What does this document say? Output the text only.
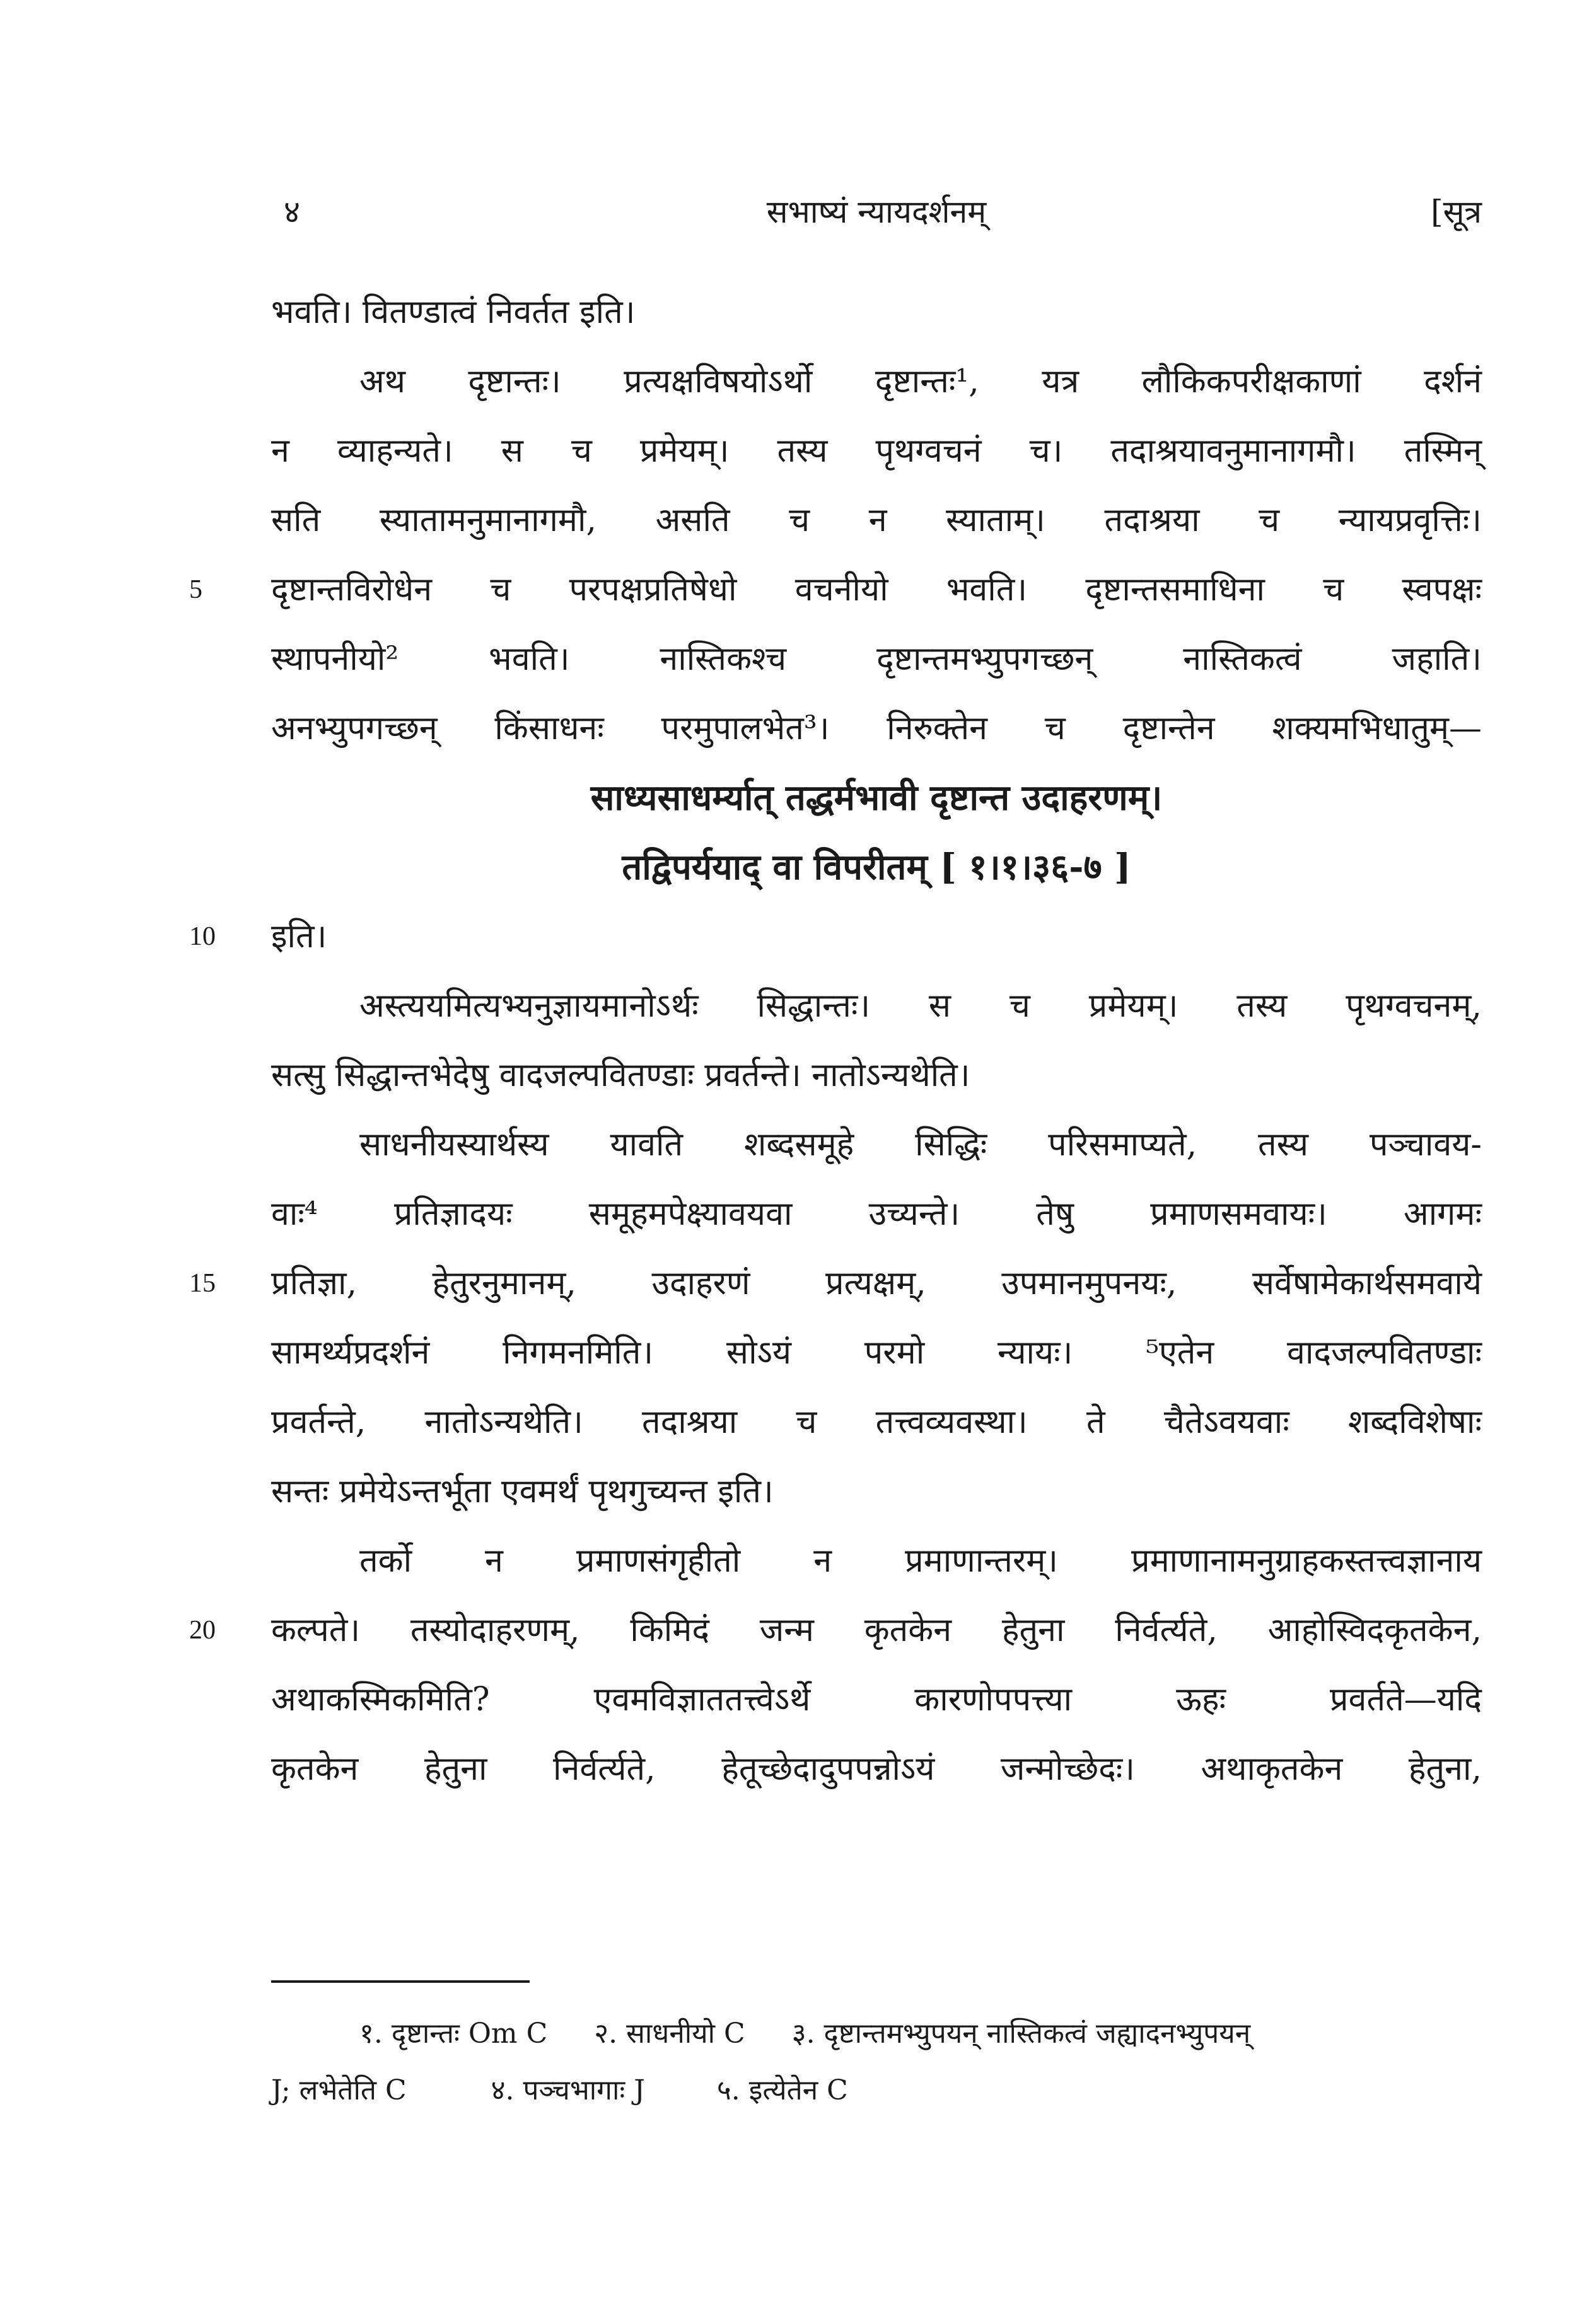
४	सभाष्यं न्यायदर्शनम्	[सूत्र
भवति। वितण्डात्वं निवर्तत इति।
अथ दृष्टान्तः। प्रत्यक्षविषयोऽर्थो दृष्टान्तः¹, यत्र लौकिकपरीक्षकाणां दर्शनं
न व्याहन्यते। स च प्रमेयम्। तस्य पृथग्वचनं च। तदाश्रयावनुमानागमौ। तस्मिन्
सति स्यातामनुमानागमौ, असति च न स्याताम्। तदाश्रया च न्यायप्रवृत्तिः।
5 दृष्टान्तविरोधेन च परपक्षप्रतिषेधो वचनीयो भवति। दृष्टान्तसमाधिना च स्वपक्षः
स्थापनीयो² भवति। नास्तिकश्च दृष्टान्तमभ्युपगच्छन् नास्तिकत्वं जहाति।
अनभ्युपगच्छन् किंसाधनः परमुपालभेत³। निरुक्तेन च दृष्टान्तेन शक्यमभिधातुम्—
साध्यसाधर्म्यात् तद्धर्मभावी दृष्टान्त उदाहरणम्।
तद्विपर्ययाद् वा विपरीतम् [ १।१।३६-७ ]
10 इति।
अस्त्ययमित्यभ्यनुज्ञायमानोऽर्थः सिद्धान्तः। स च प्रमेयम्। तस्य पृथग्वचनम्,
सत्सु सिद्धान्तभेदेषु वादजल्पवितण्डाः प्रवर्तन्ते। नातोऽन्यथेति।
साधनीयस्यार्थस्य यावति शब्दसमूहे सिद्धिः परिसमाप्यते, तस्य पञ्चावय-
वाः⁴ प्रतिज्ञादयः समूहमपेक्ष्यावयवा उच्यन्ते। तेषु प्रमाणसमवायः। आगमः
15 प्रतिज्ञा, हेतुरनुमानम्, उदाहरणं प्रत्यक्षम्, उपमानमुपनयः, सर्वेषामेकार्थसमवाये
सामर्थ्यप्रदर्शनं निगमनमिति। सोऽयं परमो न्यायः। ⁵एतेन वादजल्पवितण्डाः
प्रवर्तन्ते, नातोऽन्यथेति। तदाश्रया च तत्त्वव्यवस्था। ते चैतेऽवयवाः शब्दविशेषाः
सन्तः प्रमेयेऽन्तर्भूता एवमर्थं पृथगुच्यन्त इति।
तर्को न प्रमाणसंगृहीतो न प्रमाणान्तरम्। प्रमाणानामनुग्राहकस्तत्त्वज्ञानाय
20 कल्पते। तस्योदाहरणम्, किमिदं जन्म कृतकेन हेतुना निर्वर्त्यते, आहोस्विदकृतकेन,
अथाकस्मिकमिति? एवमविज्ञाततत्त्वेऽर्थे कारणोपपत्त्या ऊहः प्रवर्तते—यदि
कृतकेन हेतुना निर्वर्त्यते, हेतूच्छेदादुपपन्नोऽयं जन्मोच्छेदः। अथाकृतकेन हेतुना,
१. दृष्टान्तः Om C २. साधनीयो C ३. दृष्टान्तमभ्युपयन् नास्तिकत्वं जह्यादनभ्युपयन्
J; लभेतेति C	४. पञ्चभागाः J	५. इत्येतेन C
